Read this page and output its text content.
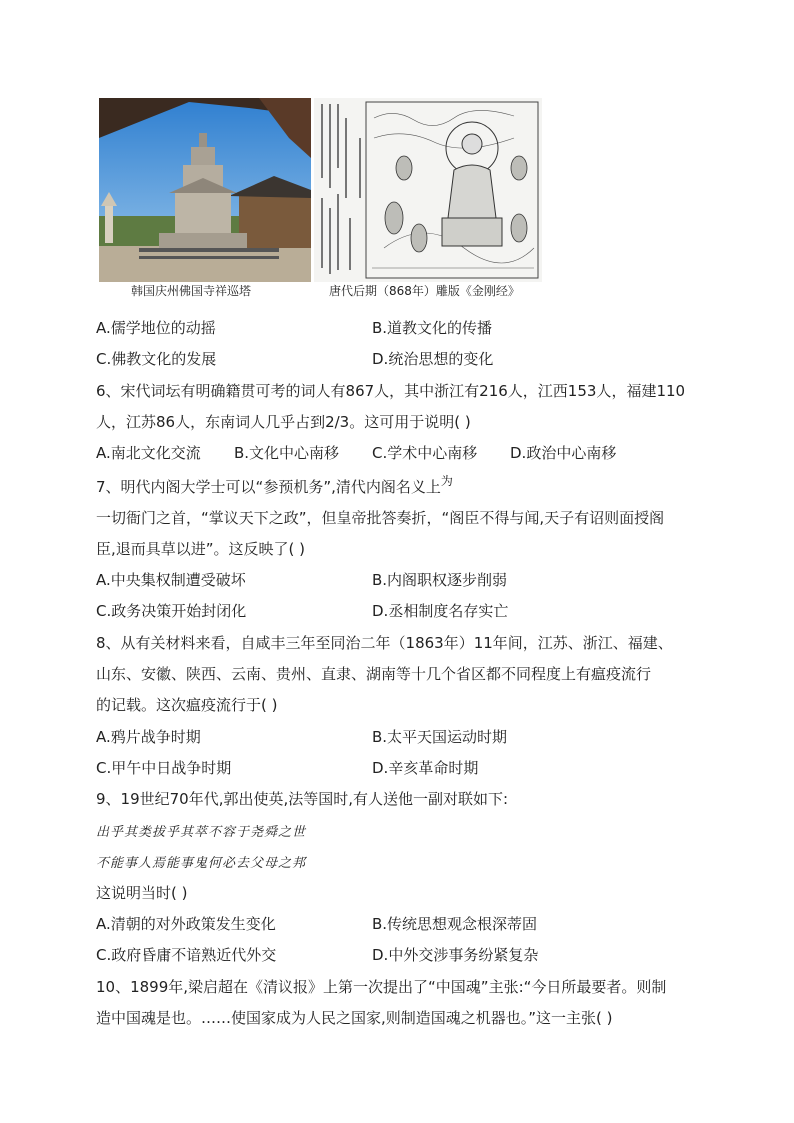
韩国庆州佛国寺祥巡塔	唐代后期（868年）雕版《金刚经》
A.儒学地位的动摇	B.道教文化的传播
C.佛教文化的发展	D.统治思想的变化
6、宋代词坛有明确籍贯可考的词人有867人，其中浙江有216人，江西153人，福建110
人，江苏86人，东南词人几乎占到2/3。这可用于说明( )
A.南北文化交流 B.文化中心南移 C.学术中心南移 D.政治中心南移
7、明代内阁大学士可以“参预机务”,清代内阁名义上$^为$
一切衙门之首，“掌议天下之政”，但皇帝批答奏折，“阁臣不得与闻,天子有诏则面授阁
臣,退而具草以进”。这反映了( )
A.中央集权制遭受破坏	B.内阁职权逐步削弱
C.政务决策开始封闭化	D.丞相制度名存实亡
8、从有关材料来看，自咸丰三年至同治二年（1863年）11年间，江苏、浙江、福建、
山东、安徽、陕西、云南、贵州、直隶、湖南等十几个省区都不同程度上有瘟疫流行
的记载。这次瘟疫流行于( )
A.鸦片战争时期	B.太平天国运动时期
C.甲午中日战争时期	D.辛亥革命时期
9、19世纪70年代,郭出使英,法等国时,有人送他一副对联如下:
出乎其类拔乎其萃不容于尧舜之世
不能事人焉能事鬼何必去父母之邦
这说明当时( )
A.清朝的对外政策发生变化	B.传统思想观念根深蒂固
C.政府昏庸不谙熟近代外交	D.中外交涉事务纷紧复杂
10、1899年,梁启超在《清议报》上第一次提出了“中国魂”主张:“今日所最要者。则制
造中国魂是也。……使国家成为人民之国家,则制造国魂之机器也。”这一主张( )
